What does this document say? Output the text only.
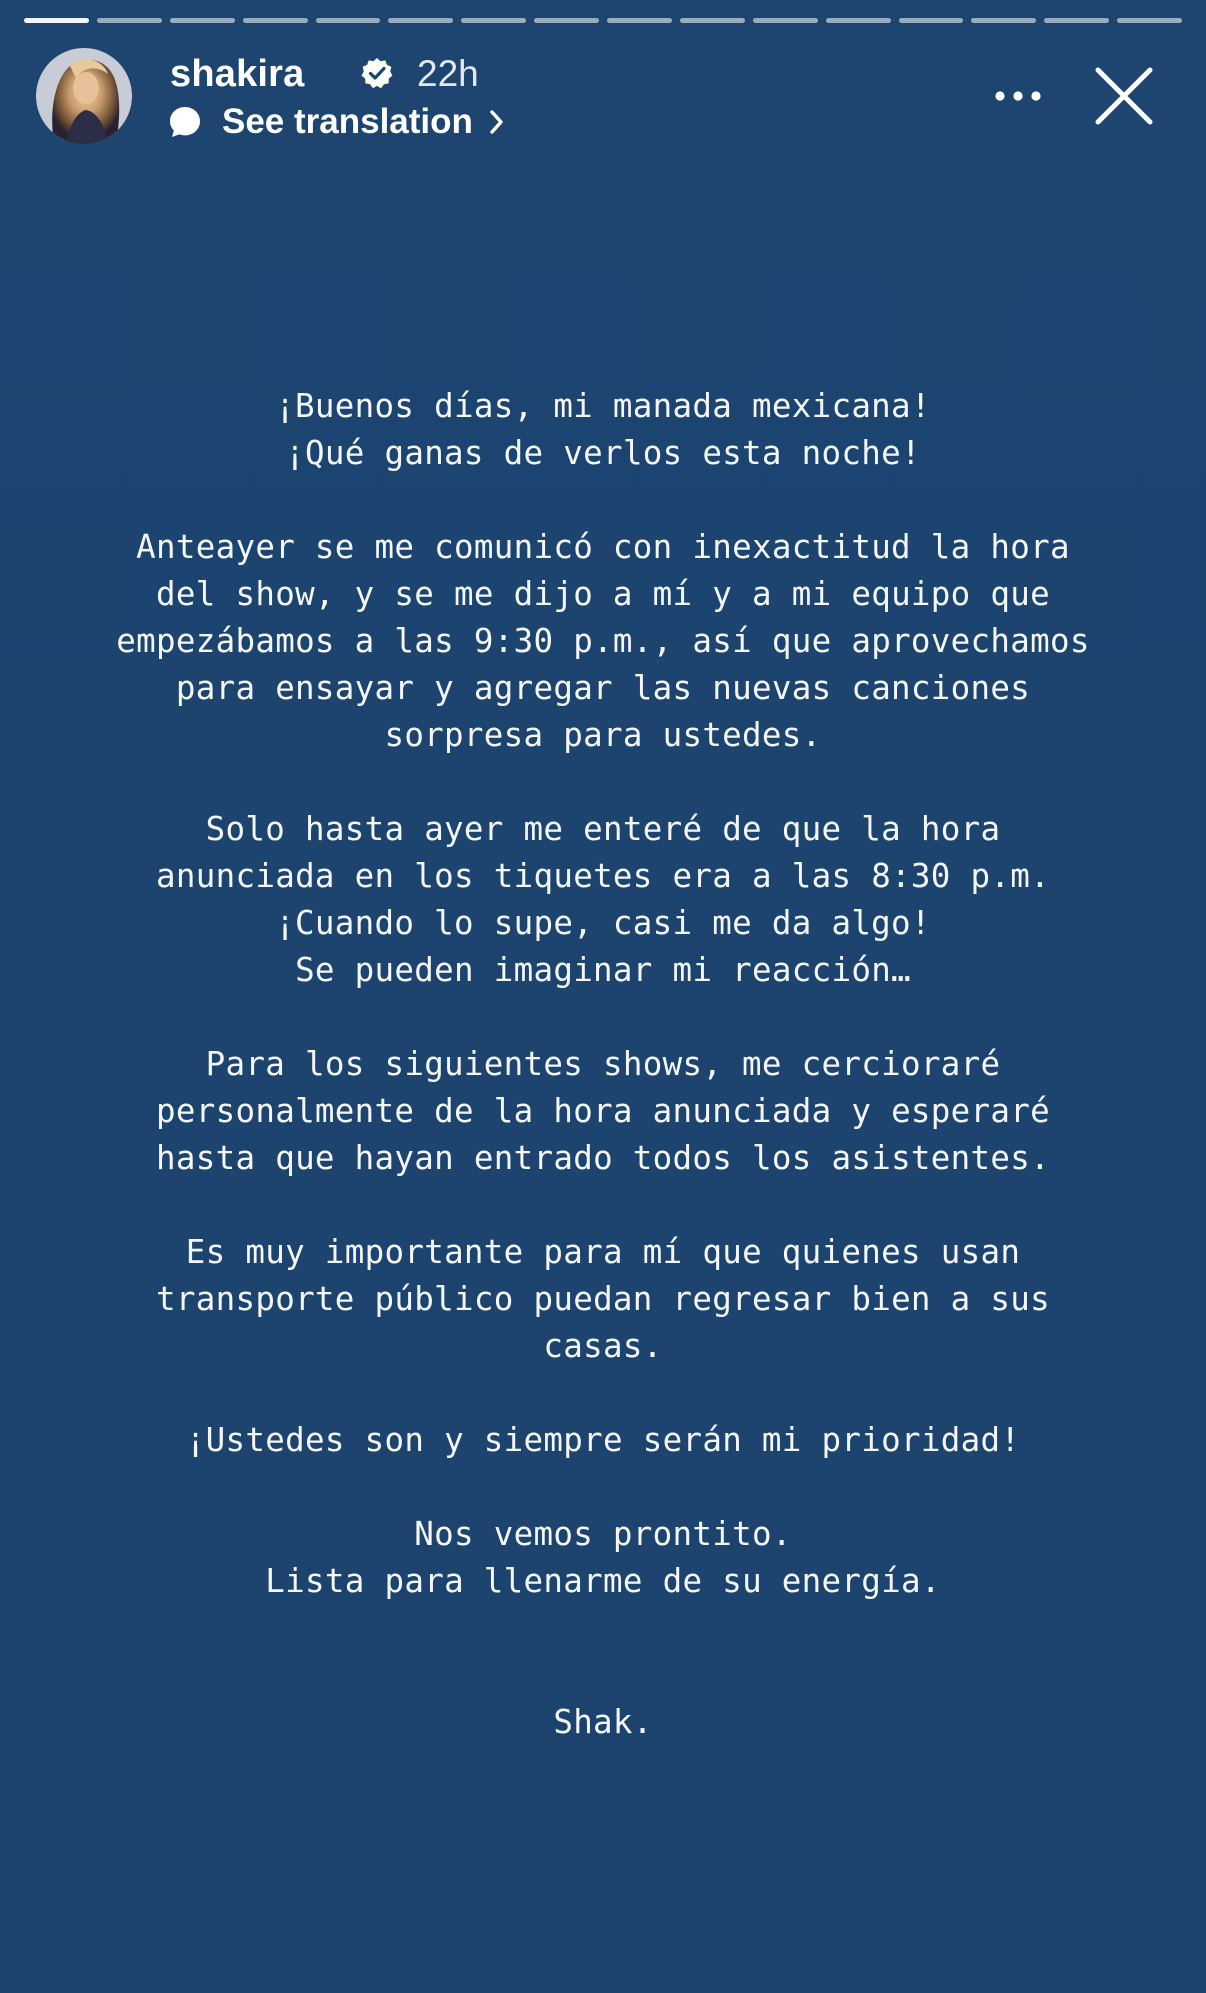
shakira	22h
See translation

¡Buenos días, mi manada mexicana!
¡Qué ganas de verlos esta noche!

Anteayer se me comunicó con inexactitud la hora
del show, y se me dijo a mí y a mi equipo que
empezábamos a las 9:30 p.m., así que aprovechamos
para ensayar y agregar las nuevas canciones
sorpresa para ustedes.

Solo hasta ayer me enteré de que la hora
anunciada en los tiquetes era a las 8:30 p.m.
¡Cuando lo supe, casi me da algo!
Se pueden imaginar mi reacción…

Para los siguientes shows, me cercioraré
personalmente de la hora anunciada y esperaré
hasta que hayan entrado todos los asistentes.

Es muy importante para mí que quienes usan
transporte público puedan regresar bien a sus
casas.

¡Ustedes son y siempre serán mi prioridad!

Nos vemos prontito.
Lista para llenarme de su energía.

Shak.
